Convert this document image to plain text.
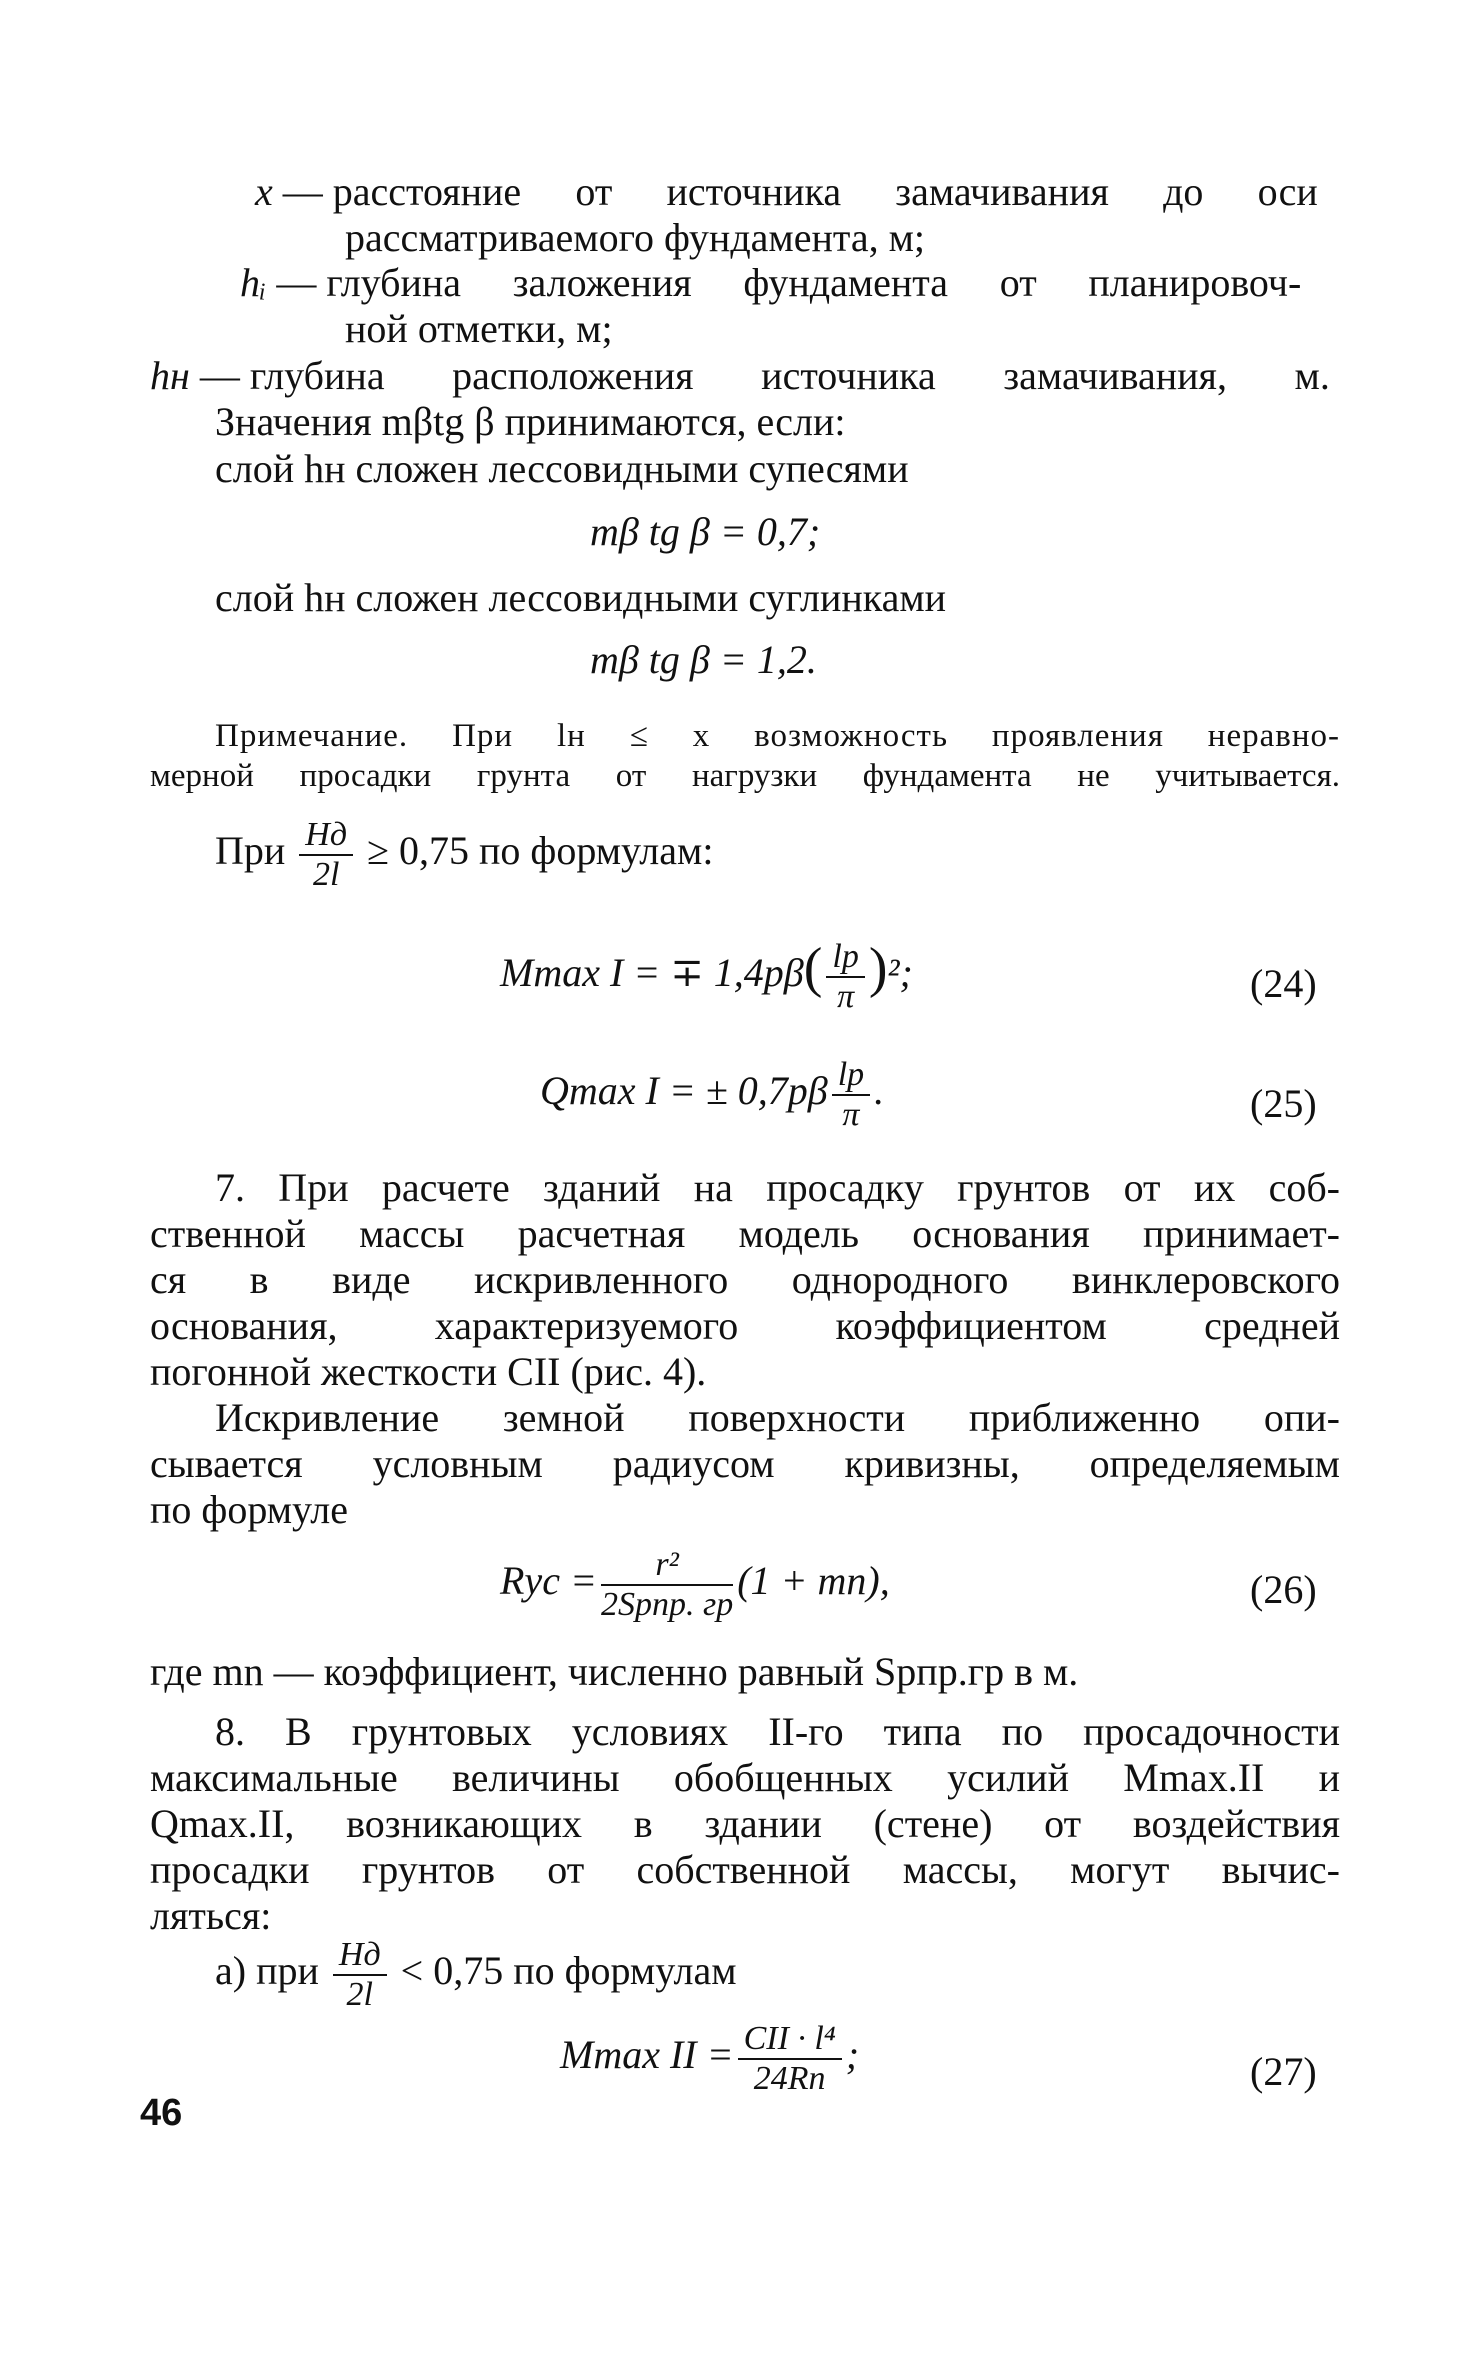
x — расстояние от источника замачивания до оси
рассматриваемого фундамента, м;
hᵢ — глубина заложения фундамента от планировоч-
ной отметки, м;
hн — глубина расположения источника замачивания, м.
Значения mβtg β принимаются, если:
слой hн сложен лессовидными супесями
mβ tg β = 0,7;
слой hн сложен лессовидными суглинками
mβ tg β = 1,2.
Примечание. При lн ≤ x возможность проявления неравно-
мерной просадки грунта от нагрузки фундамента не учитывается.
При $\frac{Hд}{2l} \ge 0,75$ по формулам:
Mmax I = ∓ $1,4p\beta( \frac{lр}{\pi} )^2$;	(24)
Qmax I = ± $0,7p\beta \frac{lр}{\pi}$ .	(25)
7. При расчете зданий на просадку грунтов от их соб-
ственной массы расчетная модель основания принимает-
ся в виде искривленного однородного винклеровского
основания, характеризуемого коэффициентом средней
погонной жесткости CII (рис. 4).
Искривление земной поверхности приближенно опи-
сывается условным радиусом кривизны, определяемым
по формуле
Rус = $\frac{\text{r²}}{\text{2Sрпр. гр}} (1 + mn)$,	(26)
где mn — коэффициент, численно равный Sрпр.гр в м.
8. В грунтовых условиях II-го типа по просадочности
максимальные величины обобщенных усилий Mmax.II и
Qmax.II, возникающих в здании (стене) от воздействия
просадки грунтов от собственной массы, могут вычис-
ляться:
а) при $\frac{Hд}{2l} < 0,75$ по формулам
Mmax II = $\frac{\text{CII · l⁴}}{24Rп}$ ;	(27)
46
